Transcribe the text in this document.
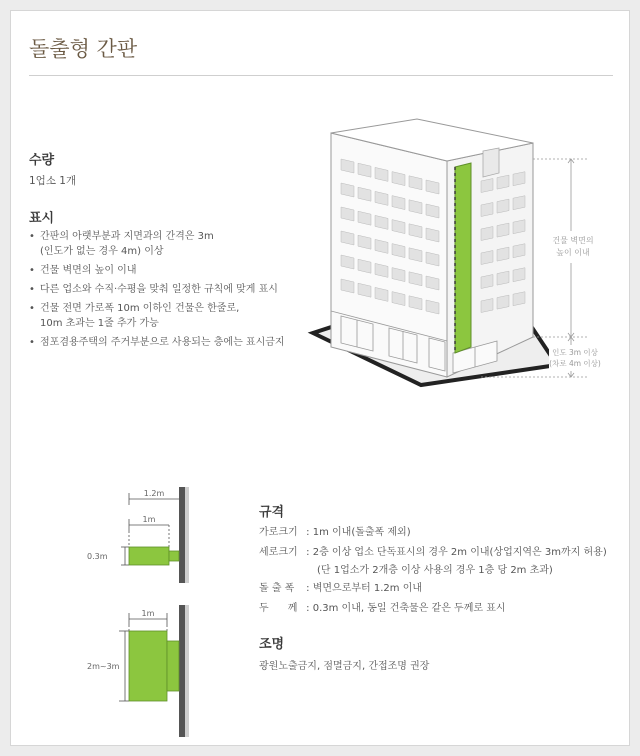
돌출형 간판
수량

1업소 1개

표시
• 간판의 아랫부분과 지면과의 간격은 3m
(인도가 없는 경우 4m) 이상
• 건물 벽면의 높이 이내
• 다른 업소와 수직·수평을 맞춰 일정한 규칙에 맞게 표시
• 건물 전면 가로폭 10m 이하인 건물은 한줄로,
10m 초과는 1줄 추가 가능
• 점포겸용주택의 주거부분으로 사용되는 층에는 표시금지
건물 벽면의
높이 이내
인도 3m 이상
(차로 4m 이상)
1.2m
1m
0.3m
1m
2m~3m
규격
가로크기 : 1m 이내(돌출폭 제외)
세로크기 : 2층 이상 업소 단독표시의 경우 2m 이내(상업지역은 3m까지 허용)
(단 1업소가 2개층 이상 사용의 경우 1층 당 2m 초과)
돌 출 폭 : 벽면으로부터 1.2m 이내
두      께 : 0.3m 이내, 동일 건축물은 같은 두께로 표시
조명

광원노출금지, 점멸금지, 간접조명 권장
